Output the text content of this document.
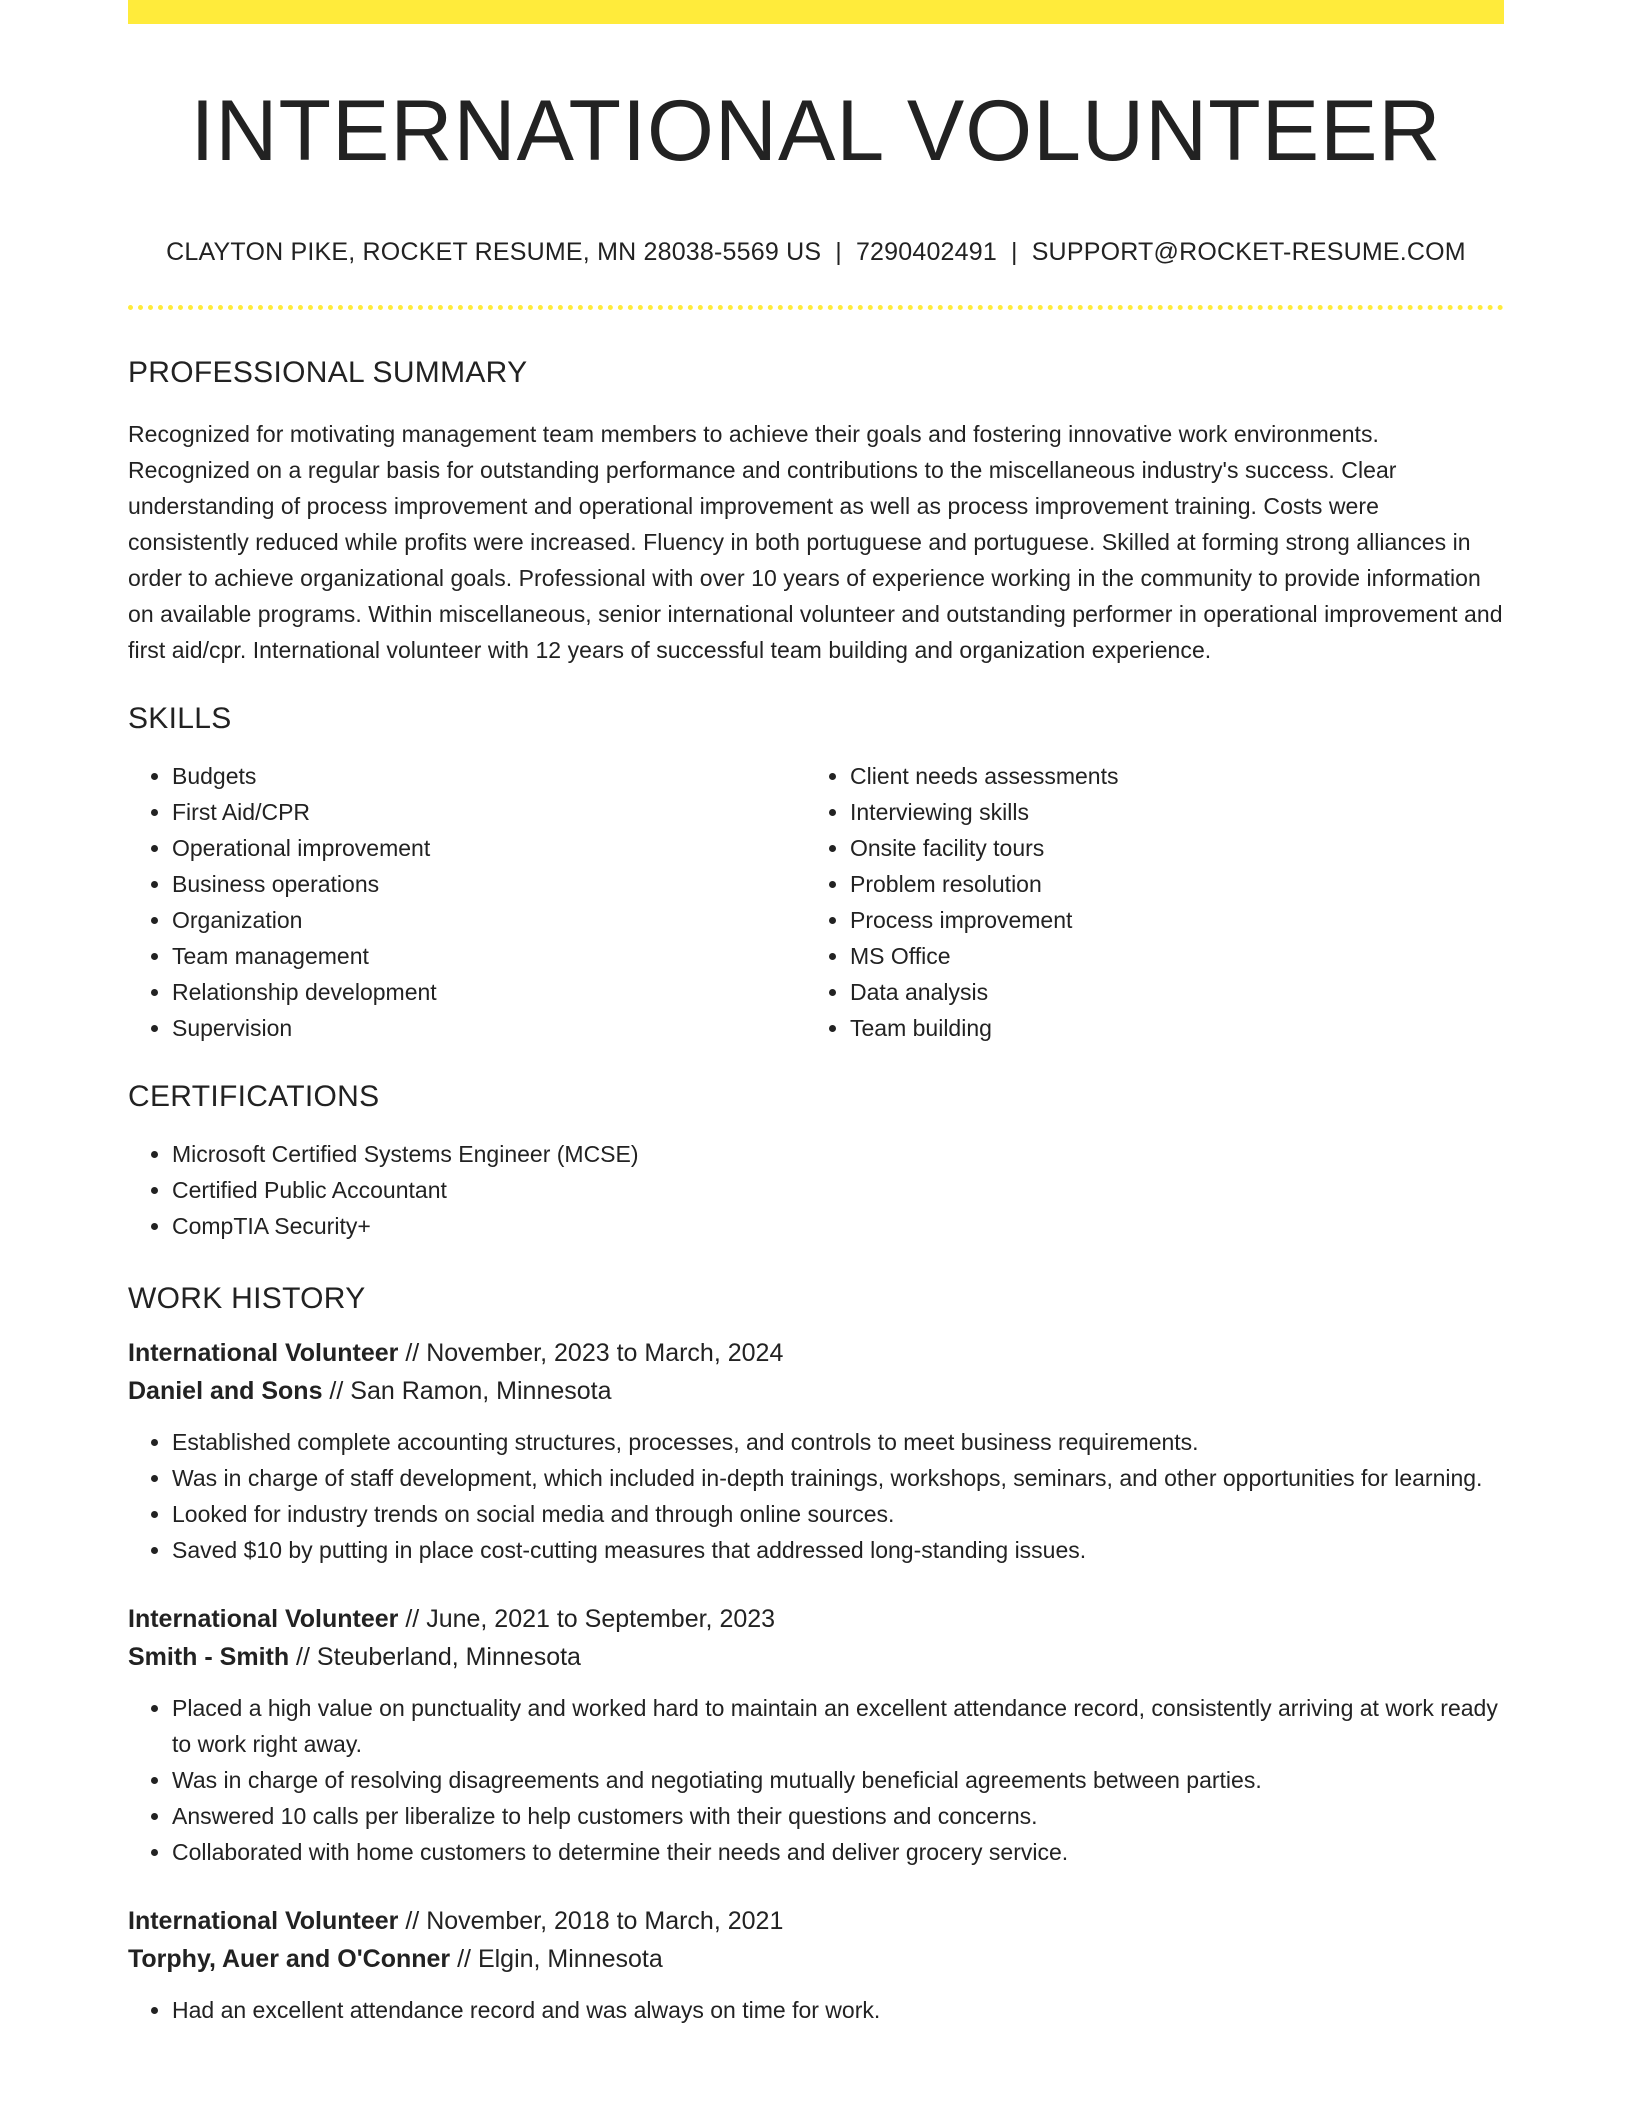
INTERNATIONAL VOLUNTEER
CLAYTON PIKE, ROCKET RESUME, MN 28038-5569 US | 7290402491 | SUPPORT@ROCKET-RESUME.COM
PROFESSIONAL SUMMARY

Recognized for motivating management team members to achieve their goals and fostering innovative work environments. Recognized on a regular basis for outstanding performance and contributions to the miscellaneous industry's success. Clear understanding of process improvement and operational improvement as well as process improvement training. Costs were consistently reduced while profits were increased. Fluency in both portuguese and portuguese. Skilled at forming strong alliances in order to achieve organizational goals. Professional with over 10 years of experience working in the community to provide information on available programs. Within miscellaneous, senior international volunteer and outstanding performer in operational improvement and first aid/cpr. International volunteer with 12 years of successful team building and organization experience.

SKILLS
• Budgets
• First Aid/CPR
• Operational improvement
• Business operations
• Organization
• Team management
• Relationship development
• Supervision
• Client needs assessments
• Interviewing skills
• Onsite facility tours
• Problem resolution
• Process improvement
• MS Office
• Data analysis
• Team building
CERTIFICATIONS
• Microsoft Certified Systems Engineer (MCSE)
• Certified Public Accountant
• CompTIA Security+
WORK HISTORY
International Volunteer // November, 2023 to March, 2024
Daniel and Sons // San Ramon, Minnesota
• Established complete accounting structures, processes, and controls to meet business requirements.
• Was in charge of staff development, which included in-depth trainings, workshops, seminars, and other opportunities for learning.
• Looked for industry trends on social media and through online sources.
• Saved $10 by putting in place cost-cutting measures that addressed long-standing issues.
International Volunteer // June, 2021 to September, 2023
Smith - Smith // Steuberland, Minnesota
• Placed a high value on punctuality and worked hard to maintain an excellent attendance record, consistently arriving at work ready to work right away.
• Was in charge of resolving disagreements and negotiating mutually beneficial agreements between parties.
• Answered 10 calls per liberalize to help customers with their questions and concerns.
• Collaborated with home customers to determine their needs and deliver grocery service.
International Volunteer // November, 2018 to March, 2021
Torphy, Auer and O'Conner // Elgin, Minnesota
• Had an excellent attendance record and was always on time for work.
